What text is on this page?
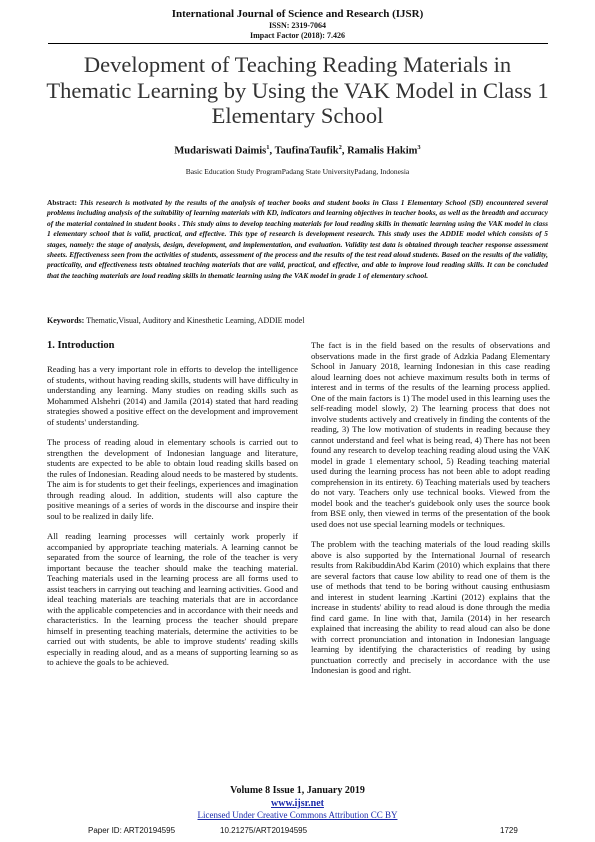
International Journal of Science and Research (IJSR)
ISSN: 2319-7064
Impact Factor (2018): 7.426
Development of Teaching Reading Materials in Thematic Learning by Using the VAK Model in Class 1 Elementary School
Mudariswati Daimis$^1$, TaufinaTaufik$^2$, Ramalis Hakim$^3$
Basic Education Study ProgramPadang State UniversityPadang, Indonesia
Abstract: This research is motivated by the results of the analysis of teacher books and student books in Class 1 Elementary School (SD) encountered several problems including analysis of the suitability of learning materials with KD, indicators and learning objectives in teacher books, as well as the breadth and accuracy of the material contained in student books . This study aims to develop teaching materials for loud reading skills in thematic learning using the VAK model in class 1 elementary school that is valid, practical, and effective. This type of research is development research. This study uses the ADDIE model which consists of 5 stages, namely: the stage of analysis, design, development, and implementation, and evaluation. Validity test data is obtained through teacher response assessment sheets. Effectiveness seen from the activities of students, assessment of the process and the results of the test read aloud students. Based on the results of the validity, practicality, and effectiveness tests obtained teaching materials that are valid, practical, and effective, and able to improve loud reading skills. It can be concluded that the teaching materials are loud reading skills in thematic learning using the VAK model in grade 1 of elementary school.
Keywords: Thematic,Visual, Auditory and Kinesthetic Learning, ADDIE model
1. Introduction

Reading has a very important role in efforts to develop the intelligence of students, without having reading skills, students will have difficulty in understanding any learning. Many studies on reading skills such as Mohammed Alshehri (2014) and Jamila (2014) stated that hard reading strategies showed a positive effect on the development and improvement of students' understanding.

The process of reading aloud in elementary schools is carried out to strengthen the development of Indonesian language and literature, students are expected to be able to obtain loud reading skills based on the rules of Indonesian. Reading aloud needs to be mastered by students. The aim is for students to get their feelings, experiences and imagination through reading aloud. In addition, students will also capture the positive meanings of a series of words in the discourse and inspire their soul to be realized in daily life.

All reading learning processes will certainly work properly if accompanied by appropriate teaching materials. A learning cannot be separated from the source of learning, the role of the teacher is very important because the teacher should make the teaching material. Teaching materials used in the learning process are all forms used to assist teachers in carrying out teaching and learning activities. Good and ideal teaching materials are teaching materials that are in accordance with the applicable competencies and in accordance with their needs and characteristics. In the learning process the teacher should prepare himself in presenting teaching materials, determine the activities to be carried out with students, be able to improve students' reading skills especially in reading aloud, and as a means of supporting learning so as to achieve the goals to be achieved.

The fact is in the field based on the results of observations and observations made in the first grade of Adzkia Padang Elementary School in January 2018, learning Indonesian in this case reading aloud learning does not achieve maximum results both in terms of interest and in terms of the results of the learning process applied. One of the main factors is 1) The model used in this learning uses the self-reading model slowly, 2) The learning process that does not involve students actively and creatively in finding the contents of the reading, 3) The low motivation of students in reading because they cannot understand and feel what is being read, 4) There has not been found any research to develop teaching reading aloud using the VAK model in grade 1 elementary school, 5) Reading teaching material used during the learning process has not been able to adopt reading comprehension in its entirety. 6) Teaching materials used by teachers do not vary. Teachers only use technical books. Viewed from the model book and the teacher's guidebook only uses the source book from BSE only, then viewed in terms of the presentation of the book used does not use special learning models or techniques.

The problem with the teaching materials of the loud reading skills above is also supported by the International Journal of research results from RakibuddinAbd Karim (2010) which explains that there are several factors that cause low ability to read one of them is the use of methods that tend to be boring without causing enthusiasm and interest in student learning .Kartini (2012) explains that the increase in students' ability to read aloud is done through the media find card game. In line with that, Jamila (2014) in her research explained that increasing the ability to read aloud can also be done with correct pronunciation and intonation in Indonesian language learning by identifying the characteristics of reading by using punctuation correctly and precisely in accordance with the use Indonesian is good and right.

Volume 8 Issue 1, January 2019
www.ijsr.net
Licensed Under Creative Commons Attribution CC BY
Paper ID: ART20194595	10.21275/ART20194595	1729
